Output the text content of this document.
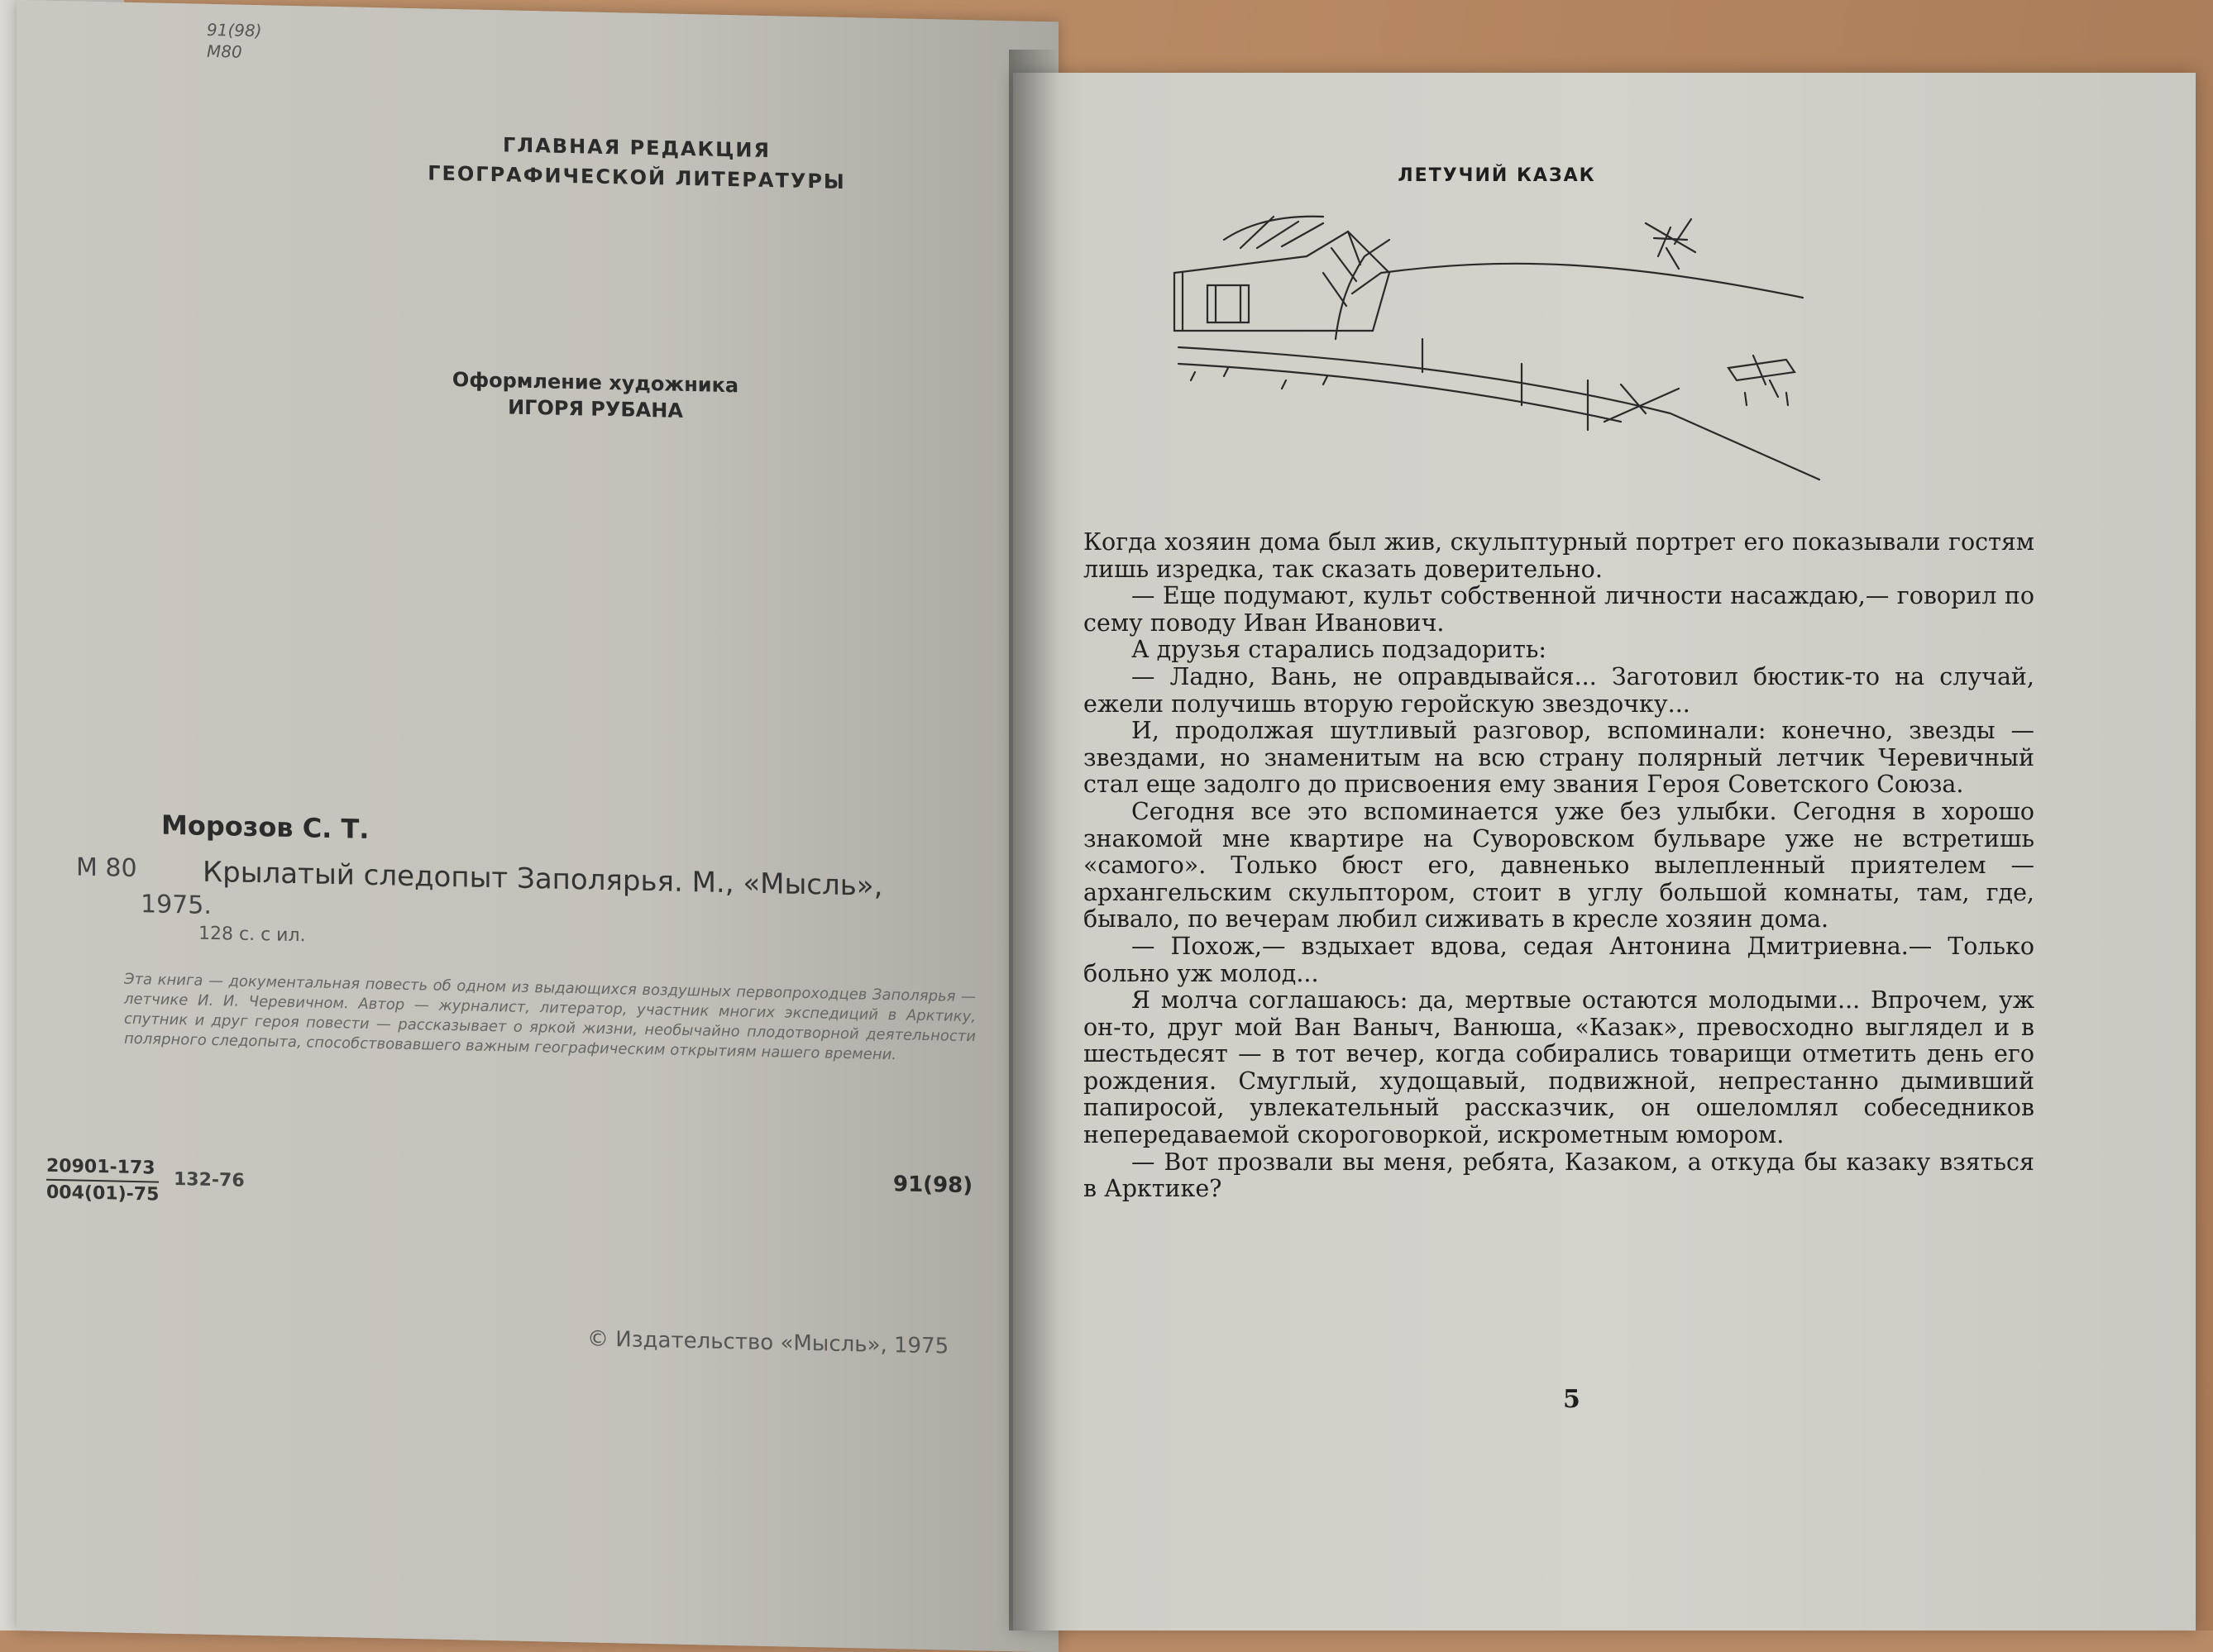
91(98)
М80
ГЛАВНАЯ РЕДАКЦИЯ
ГЕОГРАФИЧЕСКОЙ ЛИТЕРАТУРЫ
Оформление художника
ИГОРЯ РУБАНА
Морозов С. Т.
М 80 Крылатый следопыт Заполярья. М., «Мысль»,
1975.
128 с. с ил.
Эта книга — документальная повесть об одном из выдающихся воздушных первопроходцев Заполярья — летчике И. И. Черевичном. Автор — журналист, литератор, участник многих экспедиций в Арктику, спутник и друг героя повести — рассказывает о яркой жизни, необычайно плодотворной деятельности полярного следопыта, способствовавшего важным географическим открытиям нашего времени.
20901-173
004(01)-75
132-76	91(98)
© Издательство «Мысль», 1975
ЛЕТУЧИЙ КАЗАК

Когда хозяин дома был жив, скульптурный портрет его показывали гостям лишь изредка, так сказать доверительно.

— Еще подумают, культ собственной личности насаждаю,— говорил по сему поводу Иван Иванович.

А друзья старались подзадорить:

— Ладно, Вань, не оправдывайся... Заготовил бюстик-то на случай, ежели получишь вторую геройскую звездочку...

И, продолжая шутливый разговор, вспоминали: конечно, звезды — звездами, но знаменитым на всю страну полярный летчик Черевичный стал еще задолго до присвоения ему звания Героя Советского Союза.

Сегодня все это вспоминается уже без улыбки. Сегодня в хорошо знакомой мне квартире на Суворовском бульваре уже не встретишь «самого». Только бюст его, давненько вылепленный приятелем — архангельским скульптором, стоит в углу большой комнаты, там, где, бывало, по вечерам любил сиживать в кресле хозяин дома.

— Похож,— вздыхает вдова, седая Антонина Дмитриевна.— Только больно уж молод...

Я молча соглашаюсь: да, мертвые остаются молодыми... Впрочем, уж он-то, друг мой Ван Ваныч, Ванюша, «Казак», превосходно выглядел и в шестьдесят — в тот вечер, когда собирались товарищи отметить день его рождения. Смуглый, худощавый, подвижной, непрестанно дымивший папиросой, увлекательный рассказчик, он ошеломлял собеседников непередаваемой скороговоркой, искрометным юмором.

— Вот прозвали вы меня, ребята, Казаком, а откуда бы казаку взяться в Арктике?

5
